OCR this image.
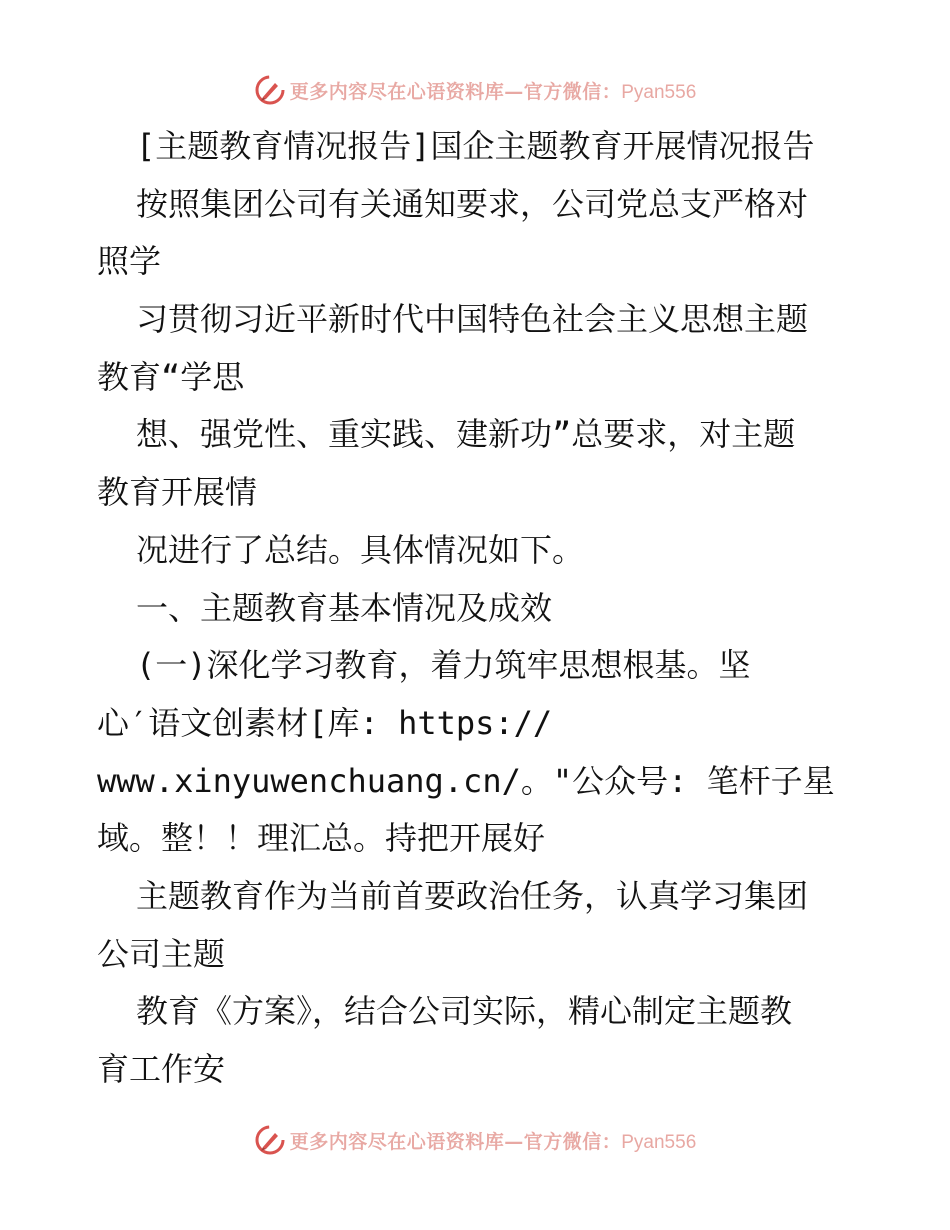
更多内容尽在心语资料库—官方微信：Pyan556
[主题教育情况报告]国企主题教育开展情况报告
按照集团公司有关通知要求，公司党总支严格对
照学
习贯彻习近平新时代中国特色社会主义思想主题
教育“学思
想、强党性、重实践、建新功”总要求，对主题
教育开展情
况进行了总结。具体情况如下。
一、主题教育基本情况及成效
(一)深化学习教育，着力筑牢思想根基。坚
心′语文创素材[库: https://
www.xinyuwenchuang.cn/。"公众号: 笔杆子星
域。整！！理汇总。持把开展好
主题教育作为当前首要政治任务，认真学习集团
公司主题
教育《方案》，结合公司实际，精心制定主题教
育工作安
更多内容尽在心语资料库—官方微信：Pyan556
